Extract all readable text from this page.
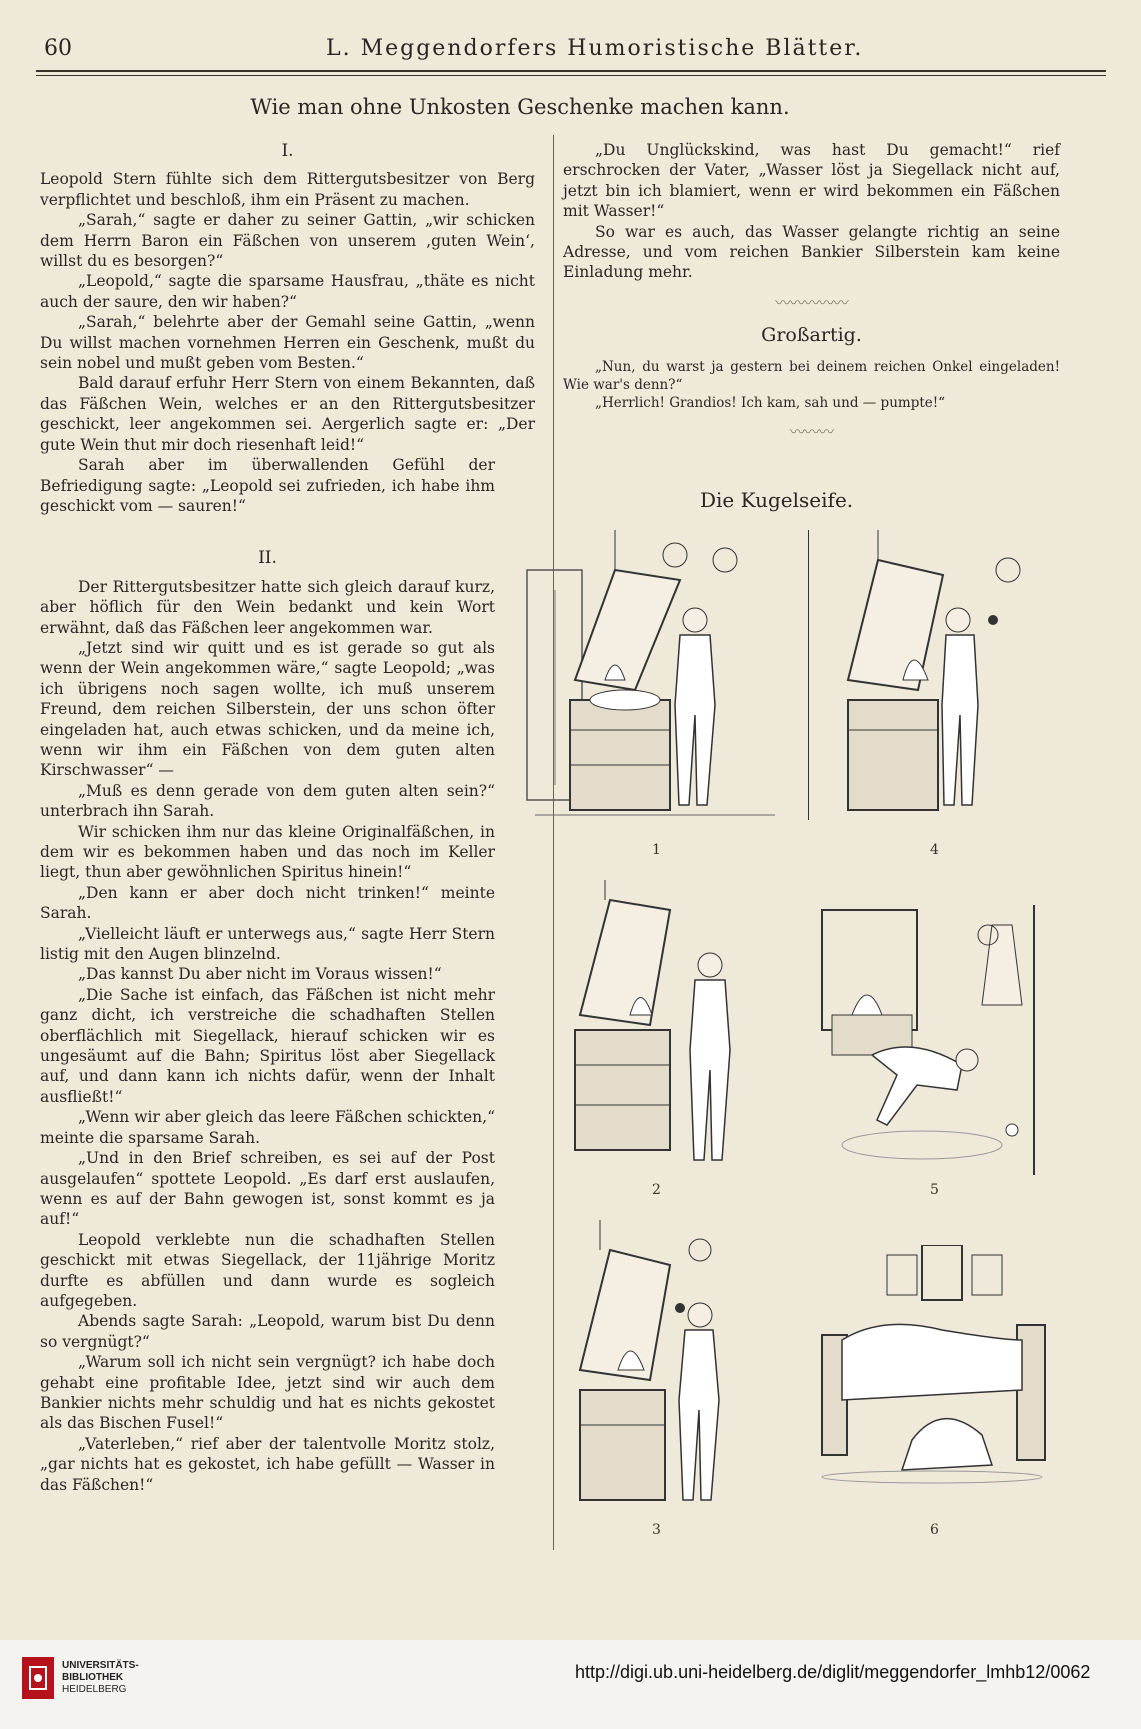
60	L. Meggendorfers Humoristische Blätter.
Wie man ohne Unkosten Geschenke machen kann.

I.

Leopold Stern fühlte sich dem Rittergutsbesitzer von Berg verpflichtet und beschloß, ihm ein Präsent zu machen.

„Sarah,“ sagte er daher zu seiner Gattin, „wir schicken dem Herrn Baron ein Fäßchen von unserem ‚guten Wein‘, willst du es besorgen?“

„Leopold,“ sagte die sparsame Hausfrau, „thäte es nicht auch der saure, den wir haben?“

„Sarah,“ belehrte aber der Gemahl seine Gattin, „wenn Du willst machen vornehmen Herren ein Geschenk, mußt du sein nobel und mußt geben vom Besten.“

Bald darauf erfuhr Herr Stern von einem Bekannten, daß das Fäßchen Wein, welches er an den Rittergutsbesitzer geschickt, leer angekommen sei. Aergerlich sagte er: „Der gute Wein thut mir doch riesenhaft leid!“

Sarah aber im überwallenden Gefühl der Befriedigung sagte: „Leopold sei zufrieden, ich habe ihm geschickt vom — sauren!“

II.

Der Rittergutsbesitzer hatte sich gleich darauf kurz, aber höflich für den Wein bedankt und kein Wort erwähnt, daß das Fäßchen leer angekommen war.

„Jetzt sind wir quitt und es ist gerade so gut als wenn der Wein angekommen wäre,“ sagte Leopold; „was ich übrigens noch sagen wollte, ich muß unserem Freund, dem reichen Silberstein, der uns schon öfter eingeladen hat, auch etwas schicken, und da meine ich, wenn wir ihm ein Fäßchen von dem guten alten Kirschwasser“ —

„Muß es denn gerade von dem guten alten sein?“ unterbrach ihn Sarah.

Wir schicken ihm nur das kleine Originalfäßchen, in dem wir es bekommen haben und das noch im Keller liegt, thun aber gewöhnlichen Spiritus hinein!“

„Den kann er aber doch nicht trinken!“ meinte Sarah.

„Vielleicht läuft er unterwegs aus,“ sagte Herr Stern listig mit den Augen blinzelnd.

„Das kannst Du aber nicht im Voraus wissen!“

„Die Sache ist einfach, das Fäßchen ist nicht mehr ganz dicht, ich verstreiche die schadhaften Stellen oberflächlich mit Siegellack, hierauf schicken wir es ungesäumt auf die Bahn; Spiritus löst aber Siegellack auf, und dann kann ich nichts dafür, wenn der Inhalt ausfließt!“

„Wenn wir aber gleich das leere Fäßchen schickten,“ meinte die sparsame Sarah.

„Und in den Brief schreiben, es sei auf der Post ausgelaufen“ spottete Leopold. „Es darf erst auslaufen, wenn es auf der Bahn gewogen ist, sonst kommt es ja auf!“

Leopold verklebte nun die schadhaften Stellen geschickt mit etwas Siegellack, der 11jährige Moritz durfte es abfüllen und dann wurde es sogleich aufgegeben.

Abends sagte Sarah: „Leopold, warum bist Du denn so vergnügt?“

„Warum soll ich nicht sein vergnügt? ich habe doch gehabt eine profitable Idee, jetzt sind wir auch dem Bankier nichts mehr schuldig und hat es nichts gekostet als das Bischen Fusel!“

„Vaterleben,“ rief aber der talentvolle Moritz stolz, „gar nichts hat es gekostet, ich habe gefüllt — Wasser in das Fäßchen!“

„Du Unglückskind, was hast Du gemacht!“ rief erschrocken der Vater, „Wasser löst ja Siegellack nicht auf, jetzt bin ich blamiert, wenn er wird bekommen ein Fäßchen mit Wasser!“

So war es auch, das Wasser gelangte richtig an seine Adresse, und vom reichen Bankier Silberstein kam keine Einladung mehr.

〰〰〰〰〰

Großartig.

„Nun, du warst ja gestern bei deinem reichen Onkel eingeladen! Wie war's denn?“

„Herrlich! Grandios! Ich kam, sah und — pumpte!“

〰〰〰

Die Kugelseife.
1	4
2	5
3	6
UNIVERSITÄTS-
BIBLIOTHEK
HEIDELBERG
http://digi.ub.uni-heidelberg.de/diglit/meggendorfer_lmhb12/0062
